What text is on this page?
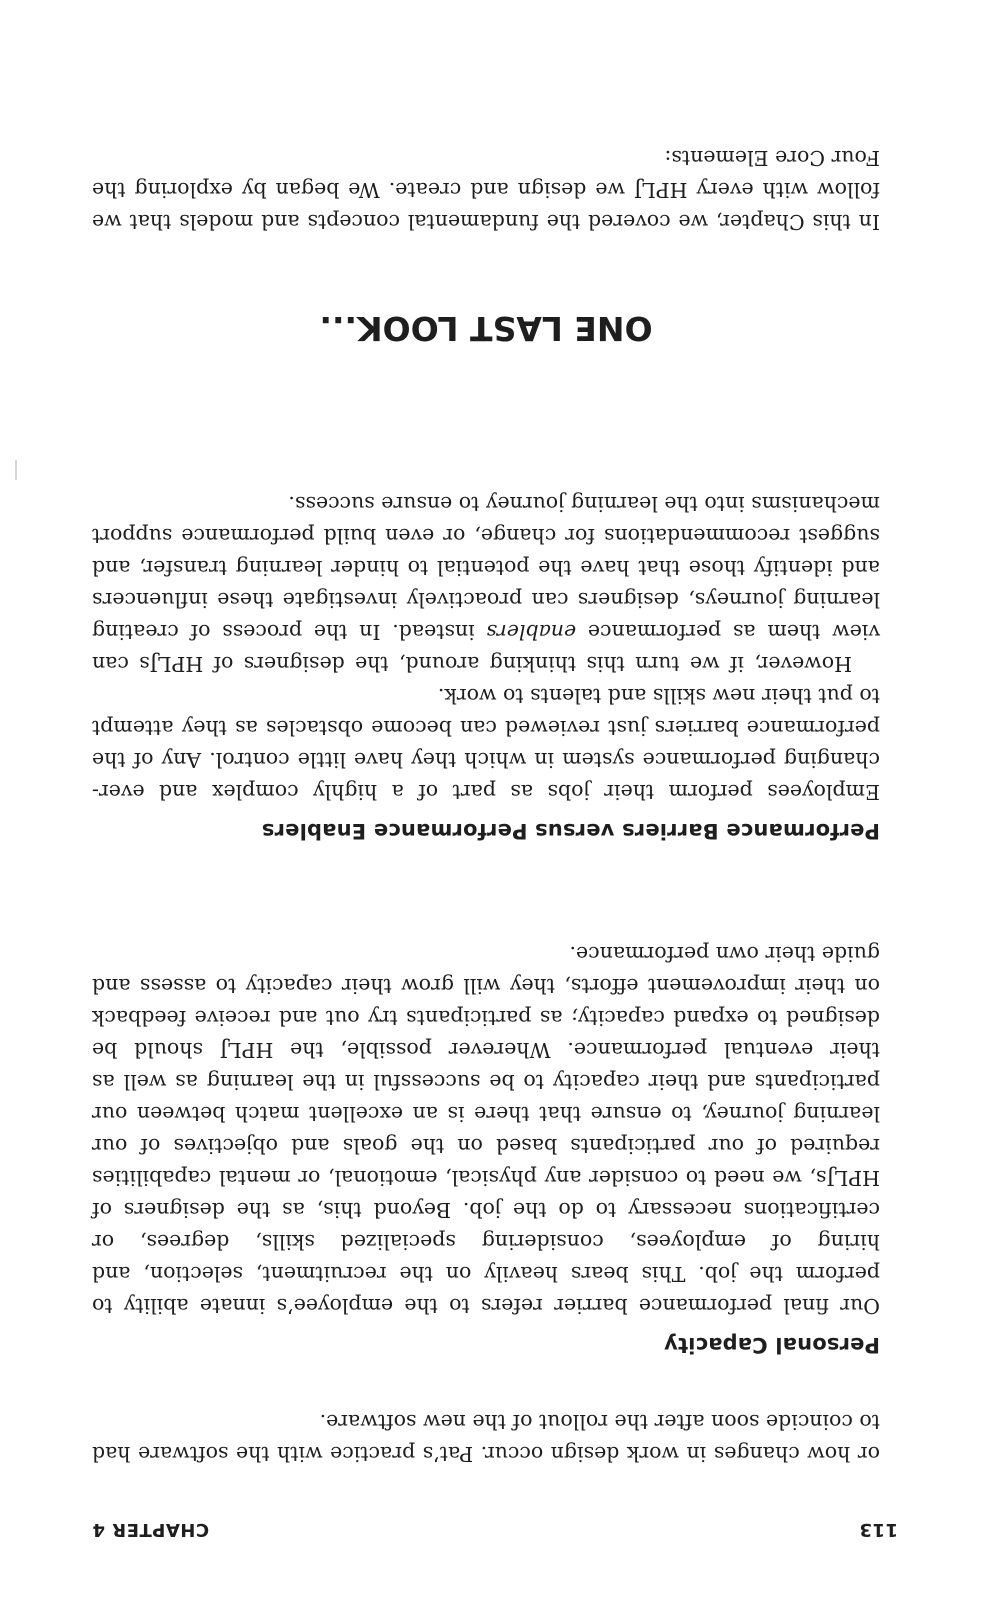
113
CHAPTER 4

or how changes in work design occur. Pat’s practice with the software had to coincide soon after the rollout of the new software.

Personal Capacity

Our final performance barrier refers to the employee’s innate ability to perform the job. This bears heavily on the recruitment, selection, and hiring of employees, considering specialized skills, degrees, or certifications necessary to do the job. Beyond this, as the designers of HPLJs, we need to consider any physical, emotional, or mental capabilities required of our participants based on the goals and objectives of our learning journey, to ensure that there is an excellent match between our participants and their capacity to be successful in the learning as well as their eventual performance. Wherever possible, the HPLJ should be designed to expand capacity; as participants try out and receive feedback on their improvement efforts, they will grow their capacity to assess and guide their own performance.

Performance Barriers versus Performance Enablers

Employees perform their jobs as part of a highly complex and ever-changing performance system in which they have little control. Any of the performance barriers just reviewed can become obstacles as they attempt to put their new skills and talents to work.

However, if we turn this thinking around, the designers of HPLJs can view them as performance enablers instead. In the process of creating learning journeys, designers can proactively investigate these influencers and identify those that have the potential to hinder learning transfer, and suggest recommendations for change, or even build performance support mechanisms into the learning journey to ensure success.

ONE LAST LOOK...

In this Chapter, we covered the fundamental concepts and models that we follow with every HPLJ we design and create. We began by exploring the Four Core Elements:
